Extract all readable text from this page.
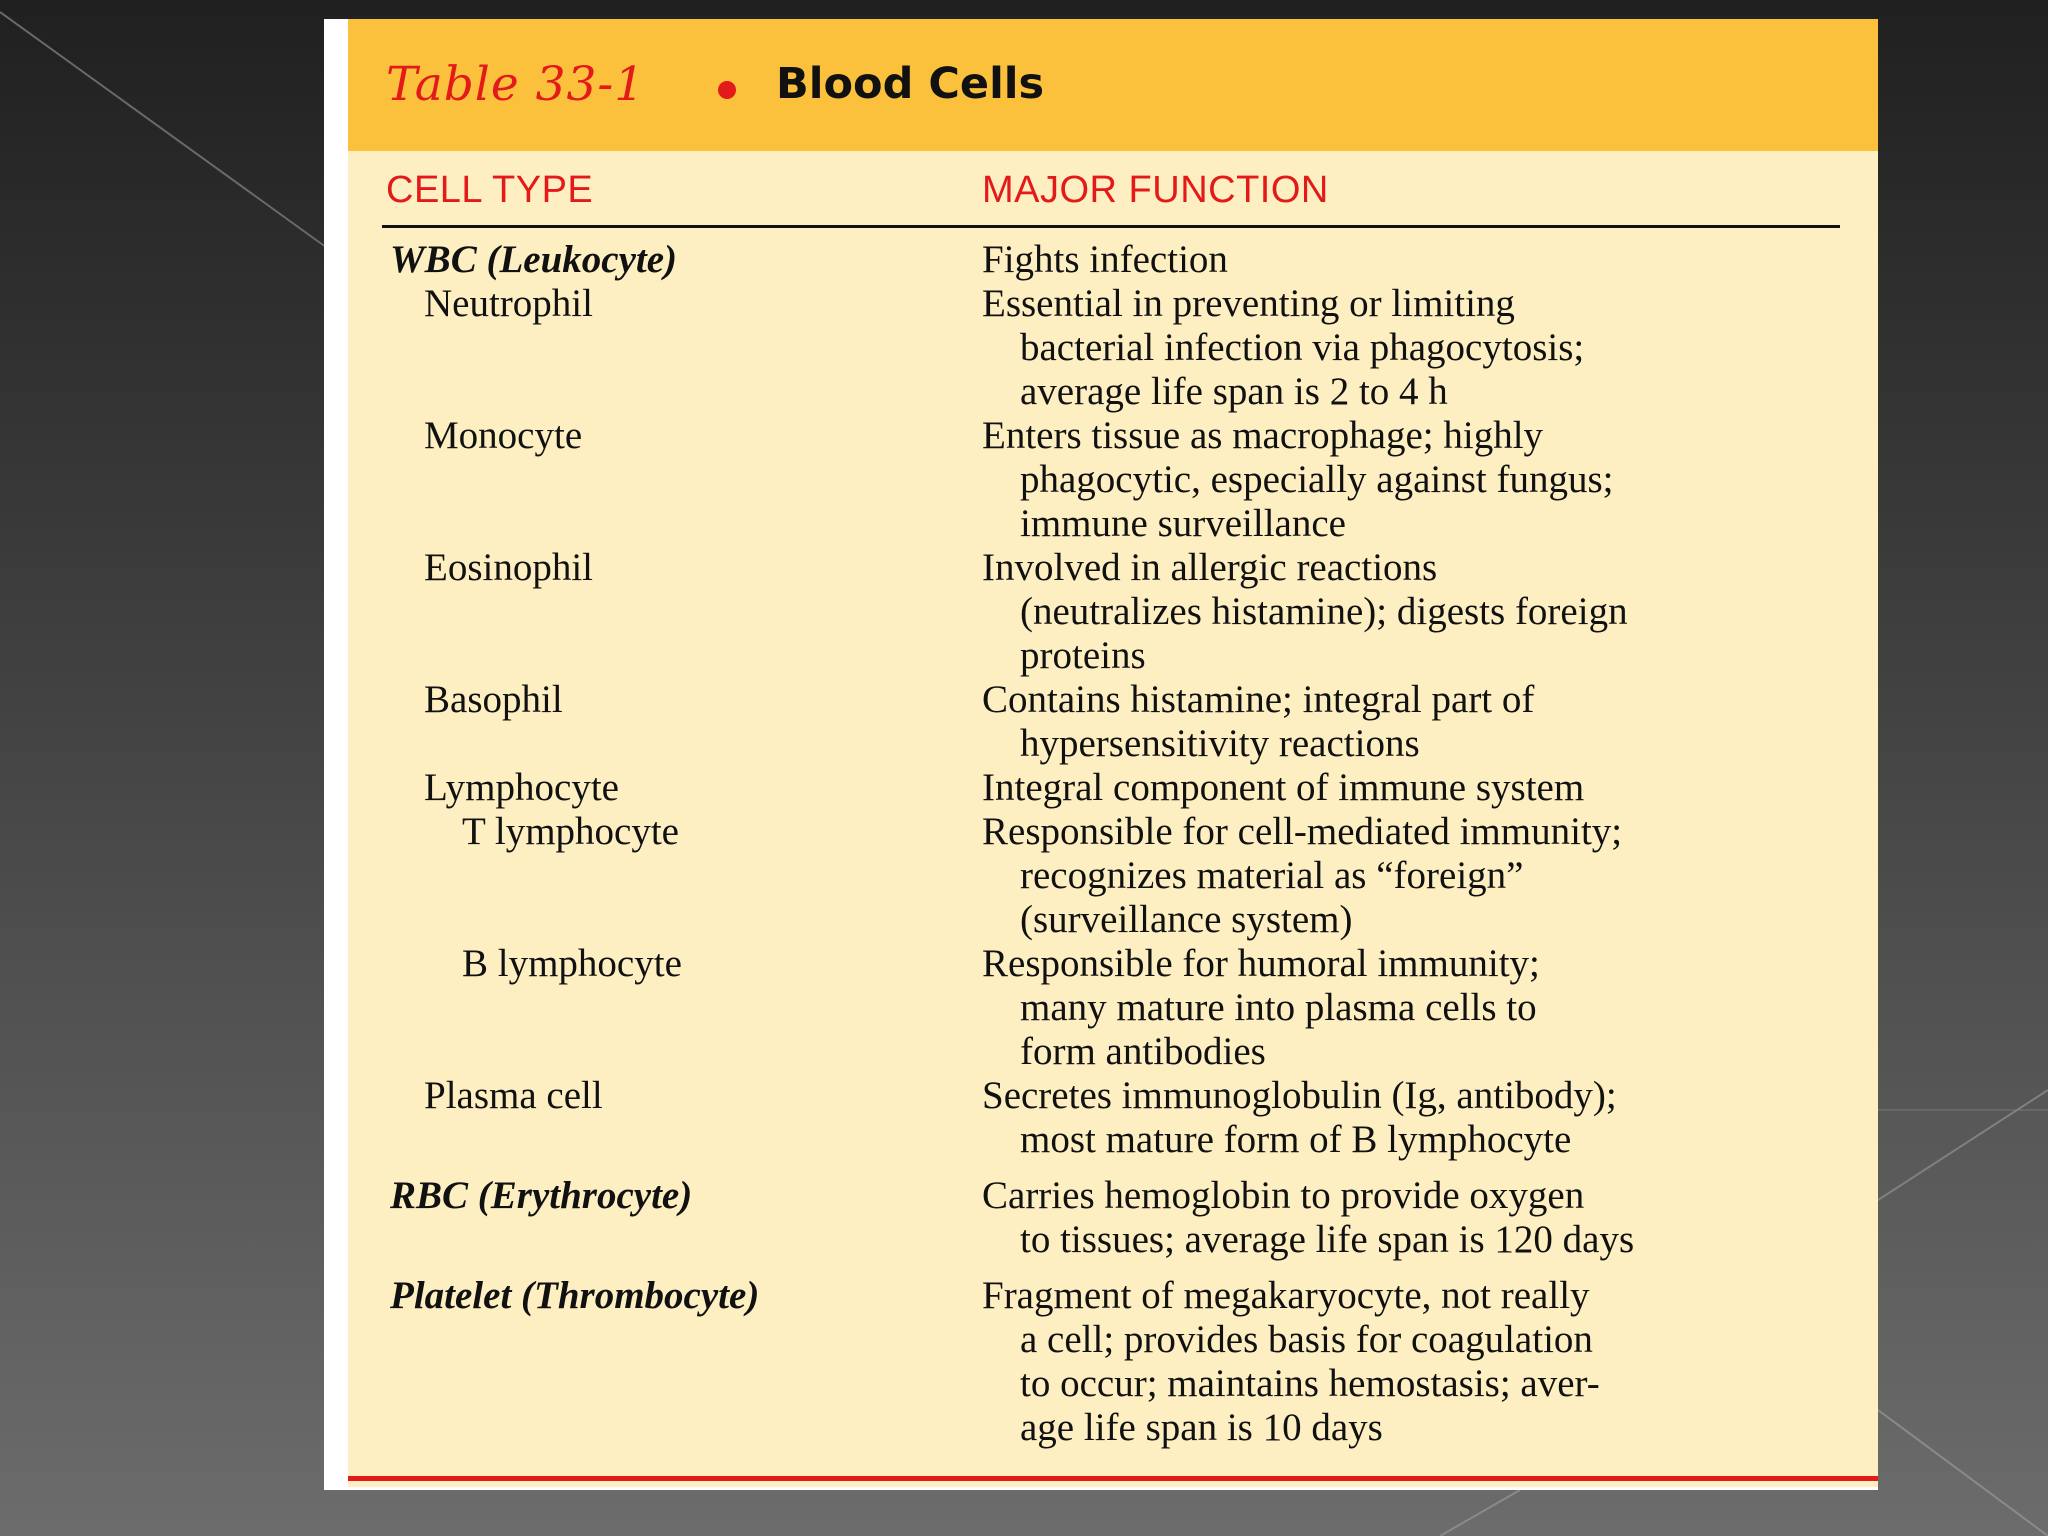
Table 33-1	Blood Cells
CELL TYPE	MAJOR FUNCTION
WBC (Leukocyte)	Fights infection
Neutrophil	Essential in preventing or limiting
bacterial infection via phagocytosis;
average life span is 2 to 4 h
Monocyte	Enters tissue as macrophage; highly
phagocytic, especially against fungus;
immune surveillance
Eosinophil	Involved in allergic reactions
(neutralizes histamine); digests foreign
proteins
Basophil	Contains histamine; integral part of
hypersensitivity reactions
Lymphocyte	Integral component of immune system
T lymphocyte	Responsible for cell-mediated immunity;
recognizes material as “foreign”
(surveillance system)
B lymphocyte	Responsible for humoral immunity;
many mature into plasma cells to
form antibodies
Plasma cell	Secretes immunoglobulin (Ig, antibody);
most mature form of B lymphocyte
RBC (Erythrocyte)	Carries hemoglobin to provide oxygen
to tissues; average life span is 120 days
Platelet (Thrombocyte)	Fragment of megakaryocyte, not really
a cell; provides basis for coagulation
to occur; maintains hemostasis; aver-
age life span is 10 days
